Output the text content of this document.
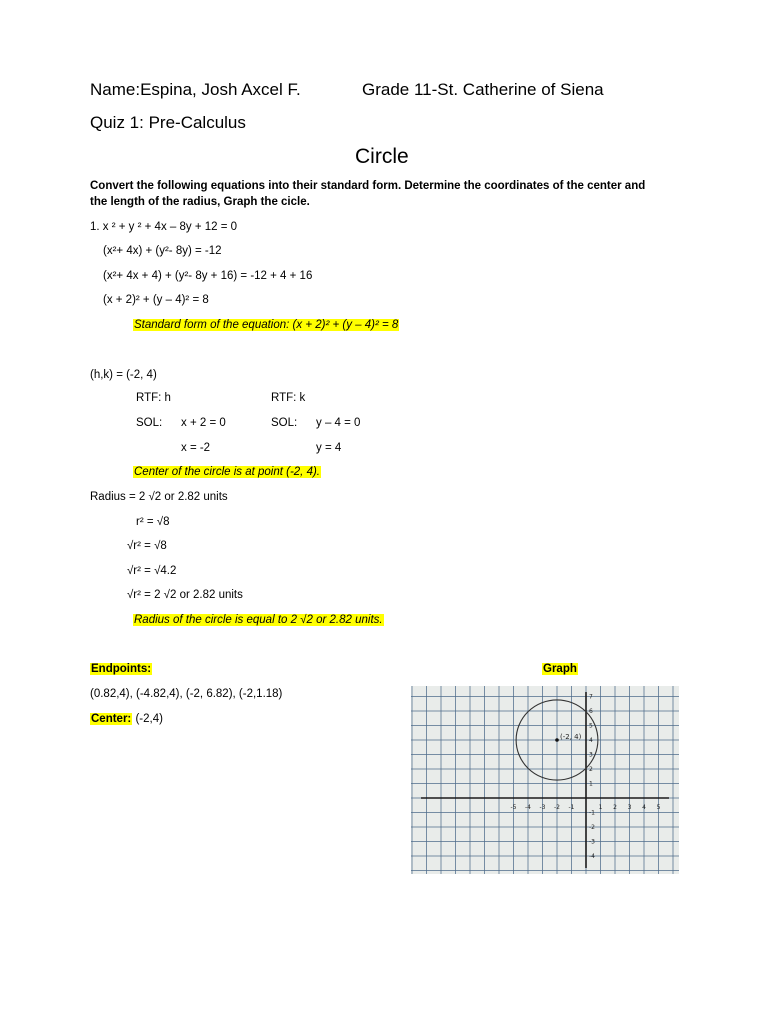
Name:Espina, Josh Axcel F.	Grade 11-St. Catherine of Siena
Quiz 1: Pre-Calculus
Circle
Convert the following equations into their standard form. Determine the coordinates of the center and
the length of the radius, Graph the cicle.
1. x ² + y ² + 4x – 8y + 12 = 0
(x²+ 4x) + (y²- 8y) = -12
(x²+ 4x + 4) + (y²- 8y + 16) = -12 + 4 + 16
(x + 2)² + (y – 4)² = 8
Standard form of the equation: (x + 2)² + (y – 4)² = 8
(h,k) = (-2, 4)
RTF: h	RTF: k
SOL: x + 2 = 0	SOL: y – 4 = 0
x = -2	y = 4
Center of the circle is at point (-2, 4).
Radius = 2 √2 or 2.82 units
r² = √8
√r² = √8
√r² = √4.2
√r² = 2 √2 or 2.82 units
Radius of the circle is equal to 2 √2 or 2.82 units.
Endpoints:	Graph
(0.82,4), (-4.82,4), (-2, 6.82), (-2,1.18)
Center: (-2,4)
-5 -4 -3 -2 -1	1 2 3 4 5
1
2
3
4
5
6
7
-1
-2
-3
-4
(-2, 4)
